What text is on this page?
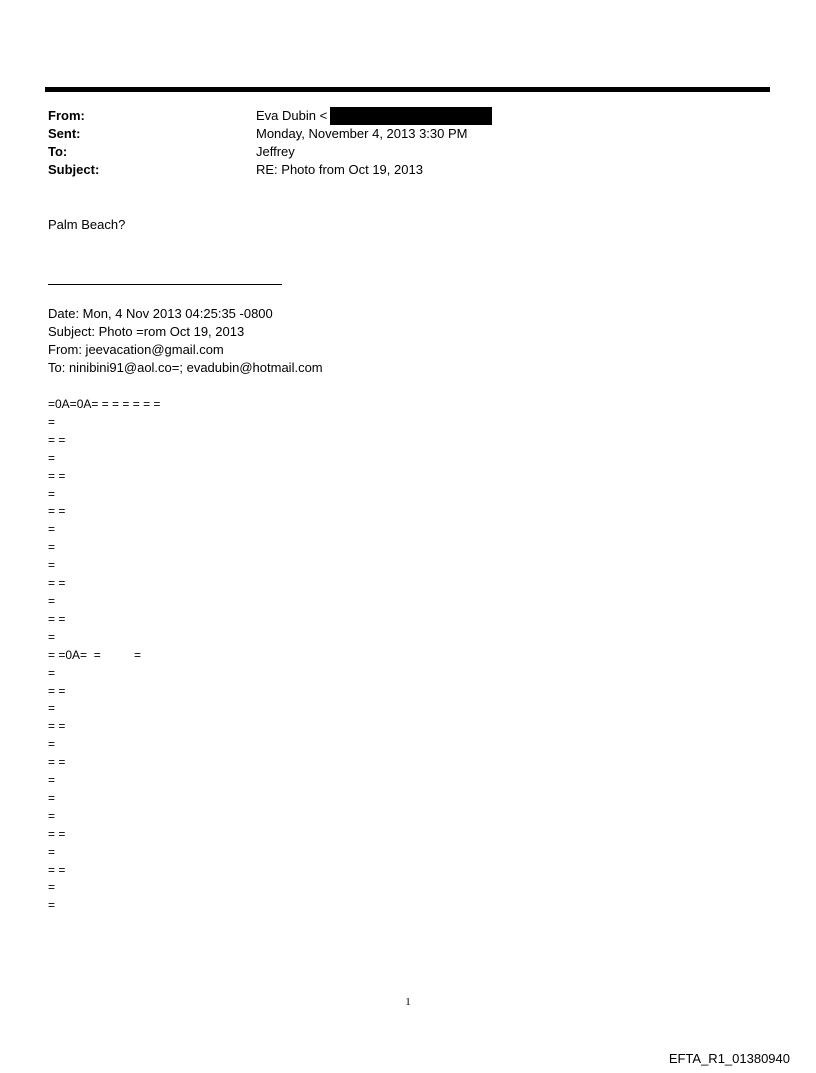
From:	Eva Dubin <
Sent:	Monday, November 4, 2013 3:30 PM
To:	Jeffrey
Subject:	RE: Photo from Oct 19, 2013
Palm Beach?
Date: Mon, 4 Nov 2013 04:25:35 -0800
Subject: Photo =rom Oct 19, 2013
From: jeevacation@gmail.com
To: ninibini91@aol.co=; evadubin@hotmail.com
=0A=0A= = = = = = =
=
= =
=
= =
=
= =
=
=
=
= =
=
= =
=
= =0A=  =          =
=
= =
=
= =
=
= =
=
=
=
= =
=
= =
=
=
1
EFTA_R1_01380940
